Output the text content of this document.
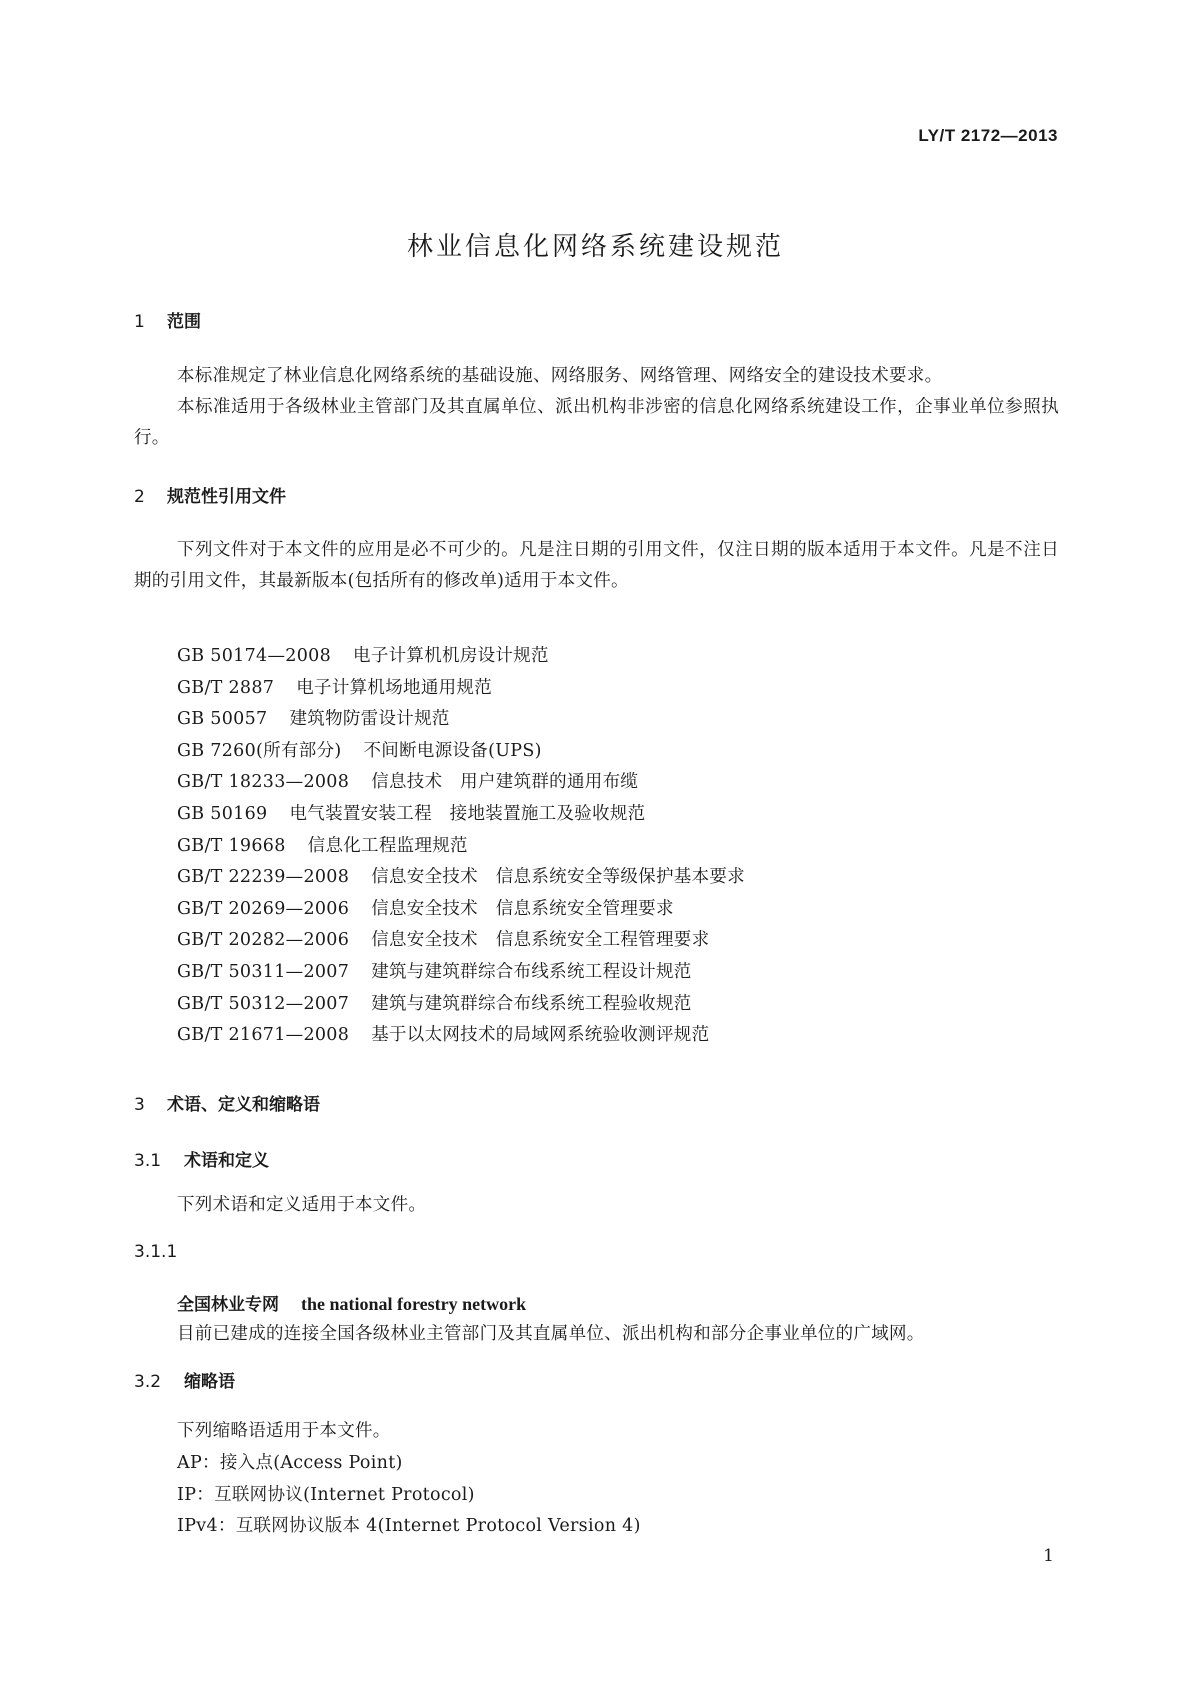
LY/T 2172—2013
林业信息化网络系统建设规范
1 范围
本标准规定了林业信息化网络系统的基础设施、网络服务、网络管理、网络安全的建设技术要求。
本标准适用于各级林业主管部门及其直属单位、派出机构非涉密的信息化网络系统建设工作，企事业单位参照执行。
2 规范性引用文件
下列文件对于本文件的应用是必不可少的。凡是注日期的引用文件，仅注日期的版本适用于本文件。凡是不注日期的引用文件，其最新版本(包括所有的修改单)适用于本文件。
GB 50174—2008 电子计算机机房设计规范
GB/T 2887 电子计算机场地通用规范
GB 50057 建筑物防雷设计规范
GB 7260(所有部分) 不间断电源设备(UPS)
GB/T 18233—2008 信息技术　用户建筑群的通用布缆
GB 50169 电气装置安装工程　接地装置施工及验收规范
GB/T 19668 信息化工程监理规范
GB/T 22239—2008 信息安全技术　信息系统安全等级保护基本要求
GB/T 20269—2006 信息安全技术　信息系统安全管理要求
GB/T 20282—2006 信息安全技术　信息系统安全工程管理要求
GB/T 50311—2007 建筑与建筑群综合布线系统工程设计规范
GB/T 50312—2007 建筑与建筑群综合布线系统工程验收规范
GB/T 21671—2008 基于以太网技术的局域网系统验收测评规范
3 术语、定义和缩略语
3.1 术语和定义
下列术语和定义适用于本文件。
3.1.1
全国林业专网 the national forestry network
目前已建成的连接全国各级林业主管部门及其直属单位、派出机构和部分企事业单位的广域网。
3.2 缩略语
下列缩略语适用于本文件。
AP：接入点(Access Point)
IP：互联网协议(Internet Protocol)
IPv4：互联网协议版本 4(Internet Protocol Version 4)
1
